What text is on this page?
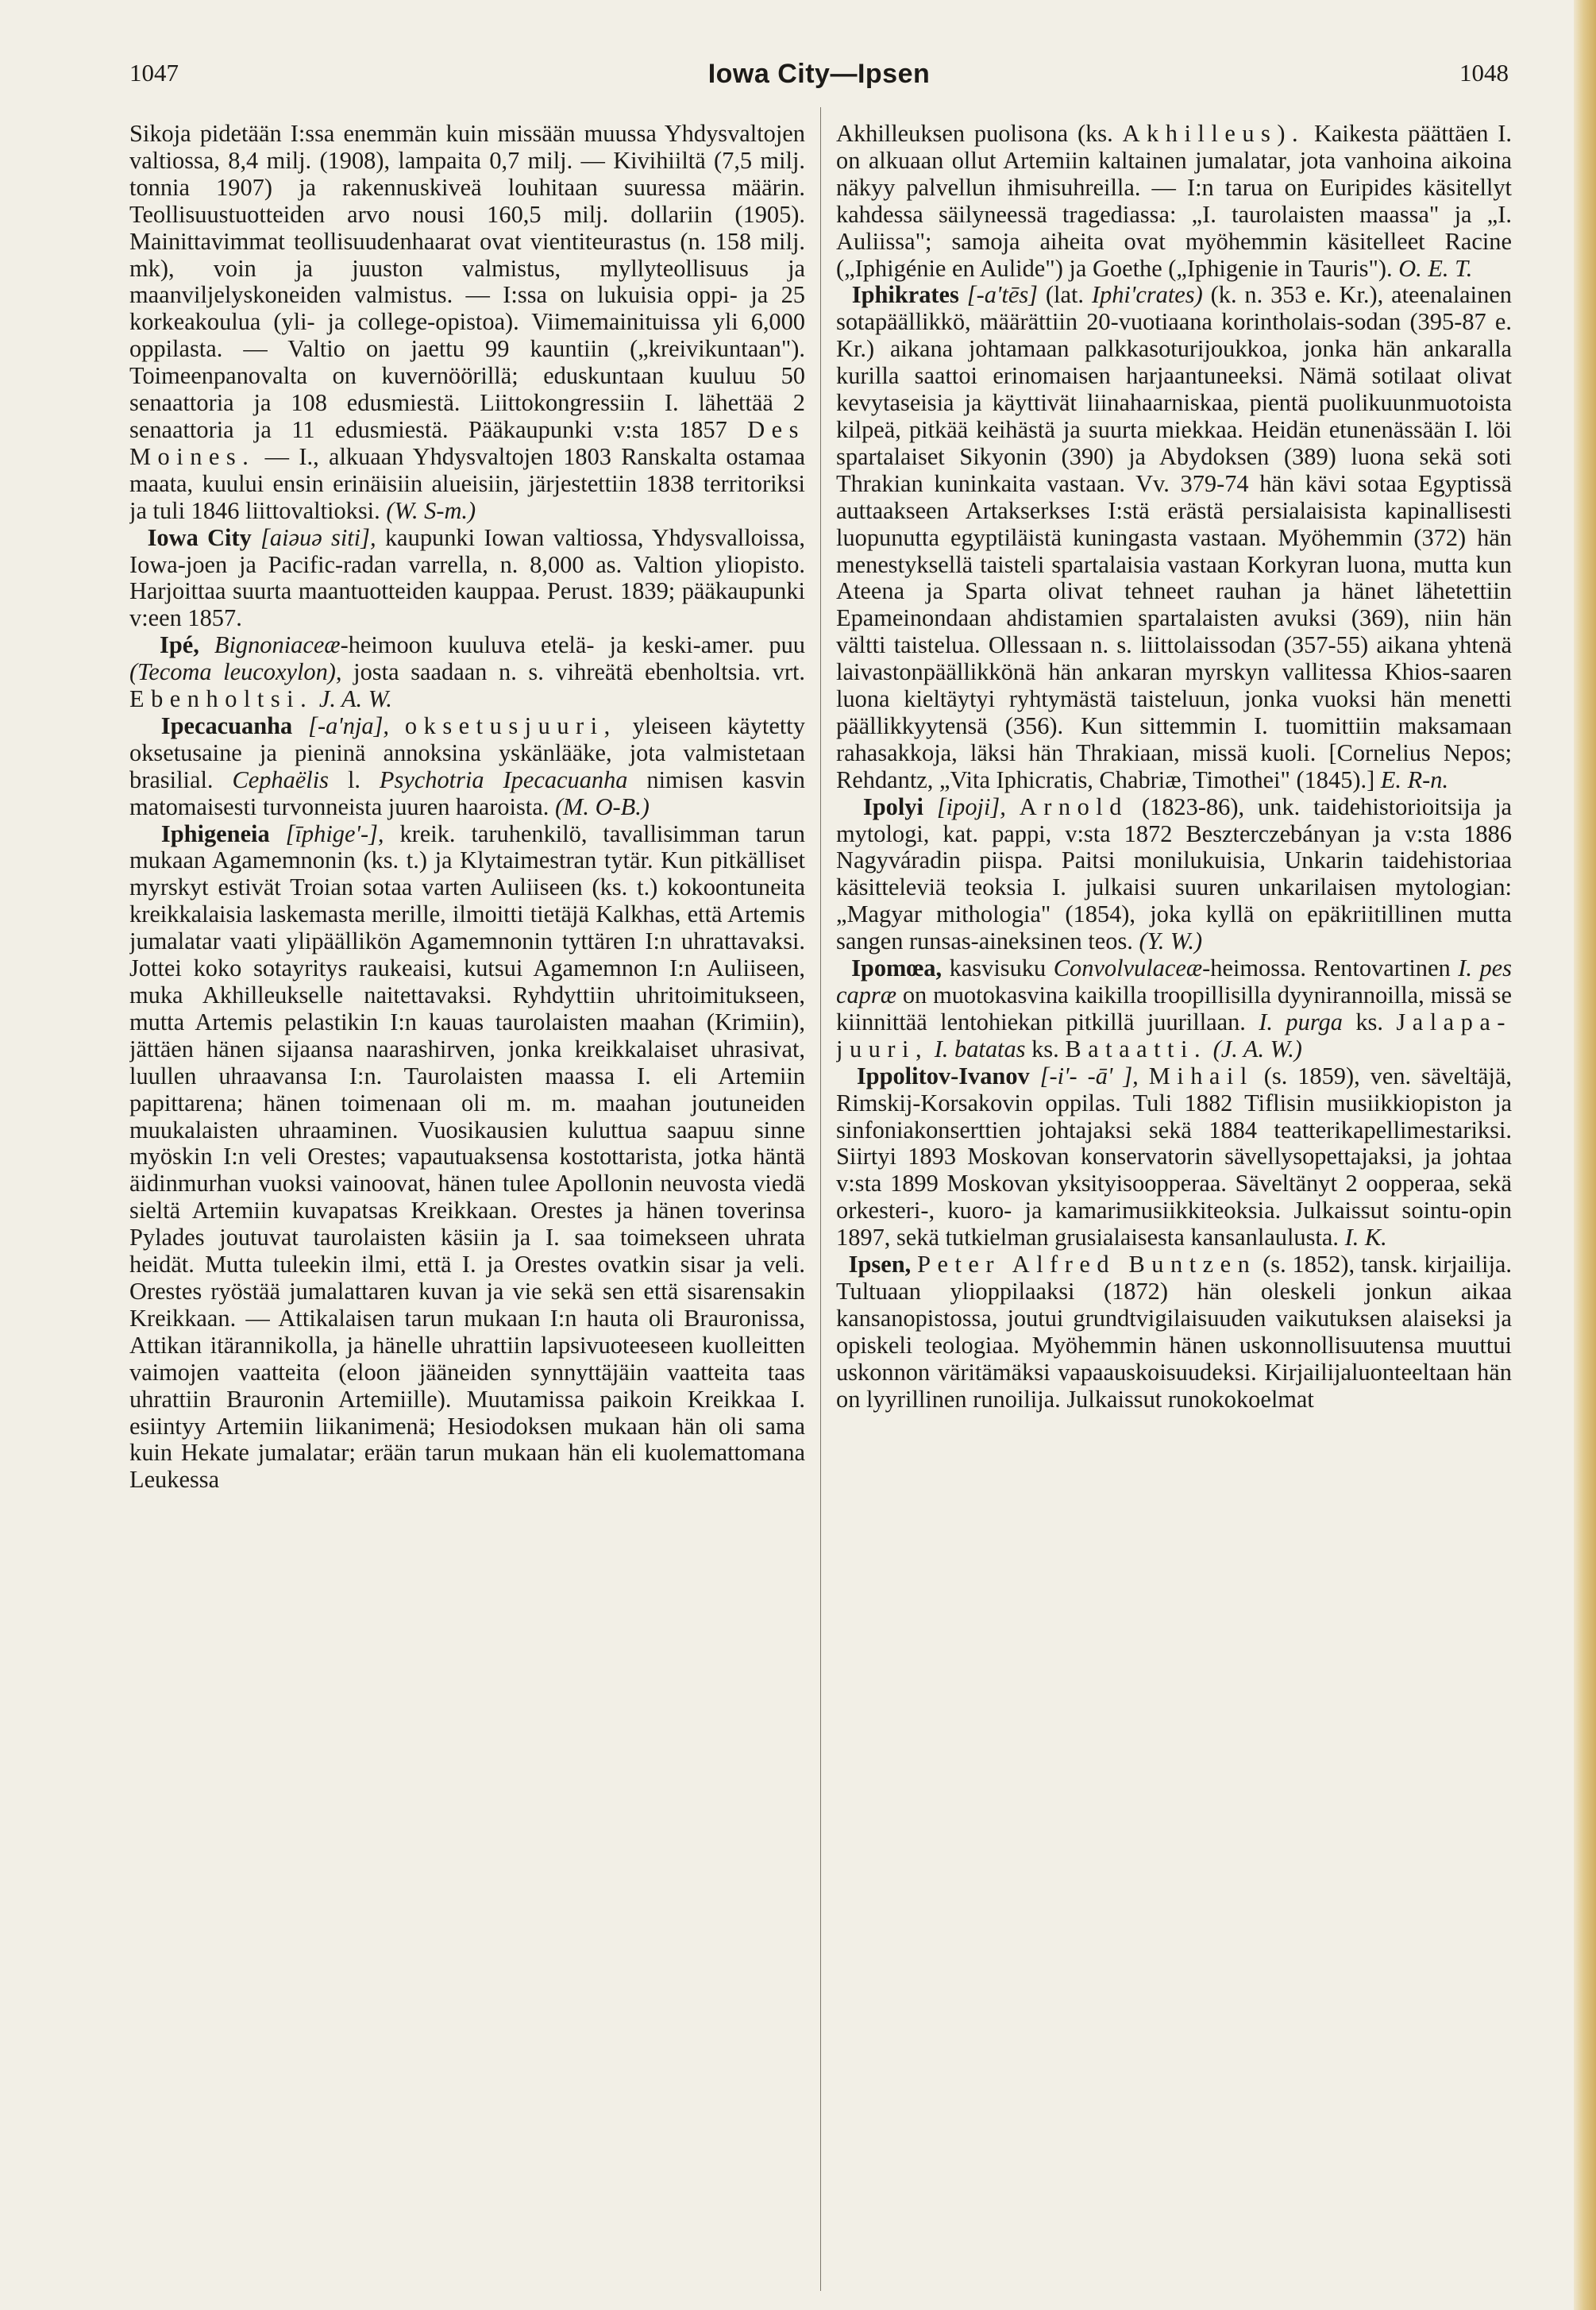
1047	Iowa City—Ipsen	1048

Sikoja pidetään I:ssa enemmän kuin missään muussa Yhdysvaltojen valtiossa, 8,4 milj. (1908), lampaita 0,7 milj. — Kivihiiltä (7,5 milj. tonnia 1907) ja rakennuskiveä louhitaan suuressa määrin. Teollisuustuotteiden arvo nousi 160,5 milj. dollariin (1905). Mainittavimmat teollisuudenhaarat ovat vientiteurastus (n. 158 milj. mk), voin ja juuston valmistus, myllyteollisuus ja maanviljelyskoneiden valmistus. — I:ssa on lukuisia oppi- ja 25 korkeakoulua (yli- ja college-opistoa). Viimemainituissa yli 6,000 oppilasta. — Valtio on jaettu 99 kauntiin („kreivikuntaan"). Toimeenpanovalta on kuvernöörillä; eduskuntaan kuuluu 50 senaattoria ja 108 edusmiestä. Liittokongressiin I. lähettää 2 senaattoria ja 11 edusmiestä. Pääkaupunki v:sta 1857 Des Moines. — I., alkuaan Yhdysvaltojen 1803 Ranskalta ostamaa maata, kuului ensin erinäisiin alueisiin, järjestettiin 1838 territoriksi ja tuli 1846 liittovaltioksi. (W. S-m.)

Iowa City [aiəuə siti], kaupunki Iowan valtiossa, Yhdysvalloissa, Iowa-joen ja Pacific-radan varrella, n. 8,000 as. Valtion yliopisto. Harjoittaa suurta maantuotteiden kauppaa. Perust. 1839; pääkaupunki v:een 1857.

Ipé, Bignoniaceæ-heimoon kuuluva etelä- ja keski-amer. puu (Tecoma leucoxylon), josta saadaan n. s. vihreätä ebenholtsia. vrt. Ebenholtsi. J. A. W.

Ipecacuanha [-a'nja], oksetusjuuri, yleiseen käytetty oksetusaine ja pieninä annoksina yskänlääke, jota valmistetaan brasilial. Cephaëlis l. Psychotria Ipecacuanha nimisen kasvin matomaisesti turvonneista juuren haaroista. (M. O-B.)

Iphigeneia [īphige'-], kreik. taruhenkilö, tavallisimman tarun mukaan Agamemnonin (ks. t.) ja Klytaimestran tytär. Kun pitkälliset myrskyt estivät Troian sotaa varten Auliiseen (ks. t.) kokoontuneita kreikkalaisia laskemasta merille, ilmoitti tietäjä Kalkhas, että Artemis jumalatar vaati ylipäällikön Agamemnonin tyttären I:n uhrattavaksi. Jottei koko sotayritys raukeaisi, kutsui Agamemnon I:n Auliiseen, muka Akhilleukselle naitettavaksi. Ryhdyttiin uhritoimitukseen, mutta Artemis pelastikin I:n kauas taurolaisten maahan (Krimiin), jättäen hänen sijaansa naarashirven, jonka kreikkalaiset uhrasivat, luullen uhraavansa I:n. Taurolaisten maassa I. eli Artemiin papittarena; hänen toimenaan oli m. m. maahan joutuneiden muukalaisten uhraaminen. Vuosikausien kuluttua saapuu sinne myöskin I:n veli Orestes; vapautuaksensa kostottarista, jotka häntä äidinmurhan vuoksi vainoovat, hänen tulee Apollonin neuvosta viedä sieltä Artemiin kuvapatsas Kreikkaan. Orestes ja hänen toverinsa Pylades joutuvat taurolaisten käsiin ja I. saa toimekseen uhrata heidät. Mutta tuleekin ilmi, että I. ja Orestes ovatkin sisar ja veli. Orestes ryöstää jumalattaren kuvan ja vie sekä sen että sisarensakin Kreikkaan. — Attikalaisen tarun mukaan I:n hauta oli Brauronissa, Attikan itärannikolla, ja hänelle uhrattiin lapsivuoteeseen kuolleitten vaimojen vaatteita (eloon jääneiden synnyttäjäin vaatteita taas uhrattiin Brauronin Artemiille). Muutamissa paikoin Kreikkaa I. esiintyy Artemiin liikanimenä; Hesiodoksen mukaan hän oli sama kuin Hekate jumalatar; erään tarun mukaan hän eli kuolemattomana Leukessa

Akhilleuksen puolisona (ks. Akhilleus). Kaikesta päättäen I. on alkuaan ollut Artemiin kaltainen jumalatar, jota vanhoina aikoina näkyy palvellun ihmisuhreilla. — I:n tarua on Euripides käsitellyt kahdessa säilyneessä tragediassa: „I. taurolaisten maassa" ja „I. Auliissa"; samoja aiheita ovat myöhemmin käsitelleet Racine („Iphigénie en Aulide") ja Goethe („Iphigenie in Tauris"). O. E. T.

Iphikrates [-a'tēs] (lat. Iphi'crates) (k. n. 353 e. Kr.), ateenalainen sotapäällikkö, määrättiin 20-vuotiaana korintholais-sodan (395-87 e. Kr.) aikana johtamaan palkkasoturijoukkoa, jonka hän ankaralla kurilla saattoi erinomaisen harjaantuneeksi. Nämä sotilaat olivat kevytaseisia ja käyttivät liinahaarniskaa, pientä puolikuunmuotoista kilpeä, pitkää keihästä ja suurta miekkaa. Heidän etunenässään I. löi spartalaiset Sikyonin (390) ja Abydoksen (389) luona sekä soti Thrakian kuninkaita vastaan. Vv. 379-74 hän kävi sotaa Egyptissä auttaakseen Artakserkses I:stä erästä persialaisista kapinallisesti luopunutta egyptiläistä kuningasta vastaan. Myöhemmin (372) hän menestyksellä taisteli spartalaisia vastaan Korkyran luona, mutta kun Ateena ja Sparta olivat tehneet rauhan ja hänet lähetettiin Epameinondaan ahdistamien spartalaisten avuksi (369), niin hän vältti taistelua. Ollessaan n. s. liittolaissodan (357-55) aikana yhtenä laivastonpäällikkönä hän ankaran myrskyn vallitessa Khios-saaren luona kieltäytyi ryhtymästä taisteluun, jonka vuoksi hän menetti päällikkyytensä (356). Kun sittemmin I. tuomittiin maksamaan rahasakkoja, läksi hän Thrakiaan, missä kuoli. [Cornelius Nepos; Rehdantz, „Vita Iphicratis, Chabriæ, Timothei" (1845).] E. R-n.

Ipolyi [ipoji], Arnold (1823-86), unk. taidehistorioitsija ja mytologi, kat. pappi, v:sta 1872 Beszterczebányan ja v:sta 1886 Nagyváradin piispa. Paitsi monilukuisia, Unkarin taidehistoriaa käsitteleviä teoksia I. julkaisi suuren unkarilaisen mytologian: „Magyar mithologia" (1854), joka kyllä on epäkriitillinen mutta sangen runsas-aineksinen teos. (Y. W.)

Ipomœa, kasvisuku Convolvulaceæ-heimossa. Rentovartinen I. pes capræ on muotokasvina kaikilla troopillisilla dyynirannoilla, missä se kiinnittää lentohiekan pitkillä juurillaan. I. purga ks. Jalapa-juuri, I. batatas ks. Bataatti. (J. A. W.)

Ippolitov-Ivanov [-i'- -ā' ], Mihail (s. 1859), ven. säveltäjä, Rimskij-Korsakovin oppilas. Tuli 1882 Tiflisin musiikkiopiston ja sinfoniakonserttien johtajaksi sekä 1884 teatterikapellimestariksi. Siirtyi 1893 Moskovan konservatorin sävellysopettajaksi, ja johtaa v:sta 1899 Moskovan yksityisoopperaa. Säveltänyt 2 oopperaa, sekä orkesteri-, kuoro- ja kamarimusiikkiteoksia. Julkaissut sointu-opin 1897, sekä tutkielman grusialaisesta kansanlaulusta. I. K.

Ipsen, Peter Alfred Buntzen (s. 1852), tansk. kirjailija. Tultuaan ylioppilaaksi (1872) hän oleskeli jonkun aikaa kansanopistossa, joutui grundtvigilaisuuden vaikutuksen alaiseksi ja opiskeli teologiaa. Myöhemmin hänen uskonnollisuutensa muuttui uskonnon väritämäksi vapaauskoisuudeksi. Kirjailijaluonteeltaan hän on lyyrillinen runoilija. Julkaissut runokokoelmat
